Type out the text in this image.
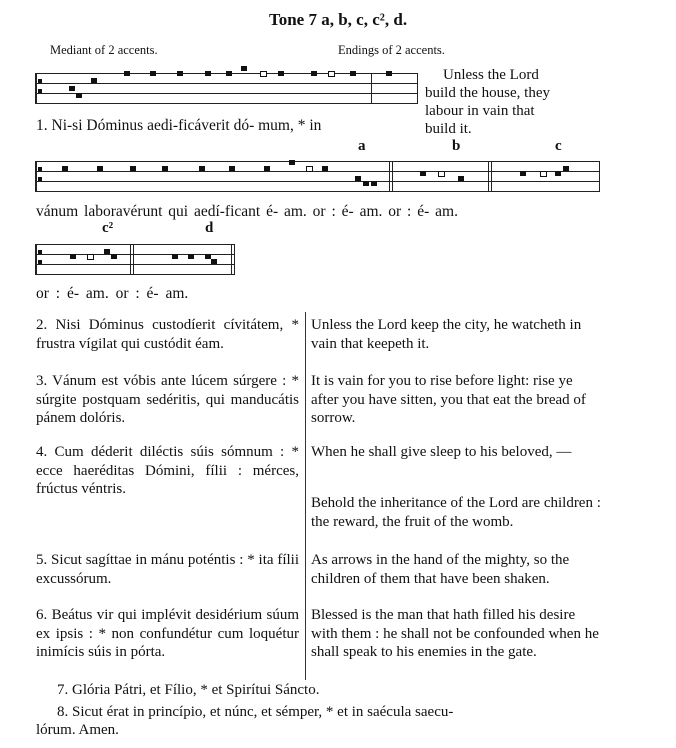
Tone 7 a, b, c, c², d.
Mediant of 2 accents.	Endings of 2 accents.
1. Ni-si Dóminus aedi-ficáverit dó- mum, * in
Unless the Lord
build the house, they
labour in vain that
build it.
a	b	c
vánum laboravérunt qui aedí-ficant é- am. or : é- am. or : é- am.
c²	d
or : é- am. or : é- am.
2. Nisi Dóminus custodíerit cívitátem, * frustra vígilat qui custódit éam.
Unless the Lord keep the city, he watcheth in vain that keepeth it.
3. Vánum est vóbis ante lúcem súrgere : * súrgite postquam sedéritis, qui manducátis pánem dolóris.
It is vain for you to rise before light: rise ye after you have sitten, you that eat the bread of sorrow.
4. Cum déderit diléctis súis sómnum : * ecce haeréditas Dómini, fílii : mérces, frúctus véntris.
When he shall give sleep to his beloved, —
Behold the inheritance of the Lord are children : the reward, the fruit of the womb.
5. Sicut sagíttae in mánu poténtis : * ita fílii excussórum.
As arrows in the hand of the mighty, so the children of them that have been shaken.
6. Beátus vir qui implévit desidérium súum ex ipsis : * non confundétur cum loquétur inimícis súis in pórta.
Blessed is the man that hath filled his desire with them : he shall not be confounded when he shall speak to his enemies in the gate.
7. Glória Pátri, et Fílio, * et Spirítui Sáncto.
8. Sicut érat in princípio, et núnc, et sémper, * et in saécula saecu-
lórum. Amen.
